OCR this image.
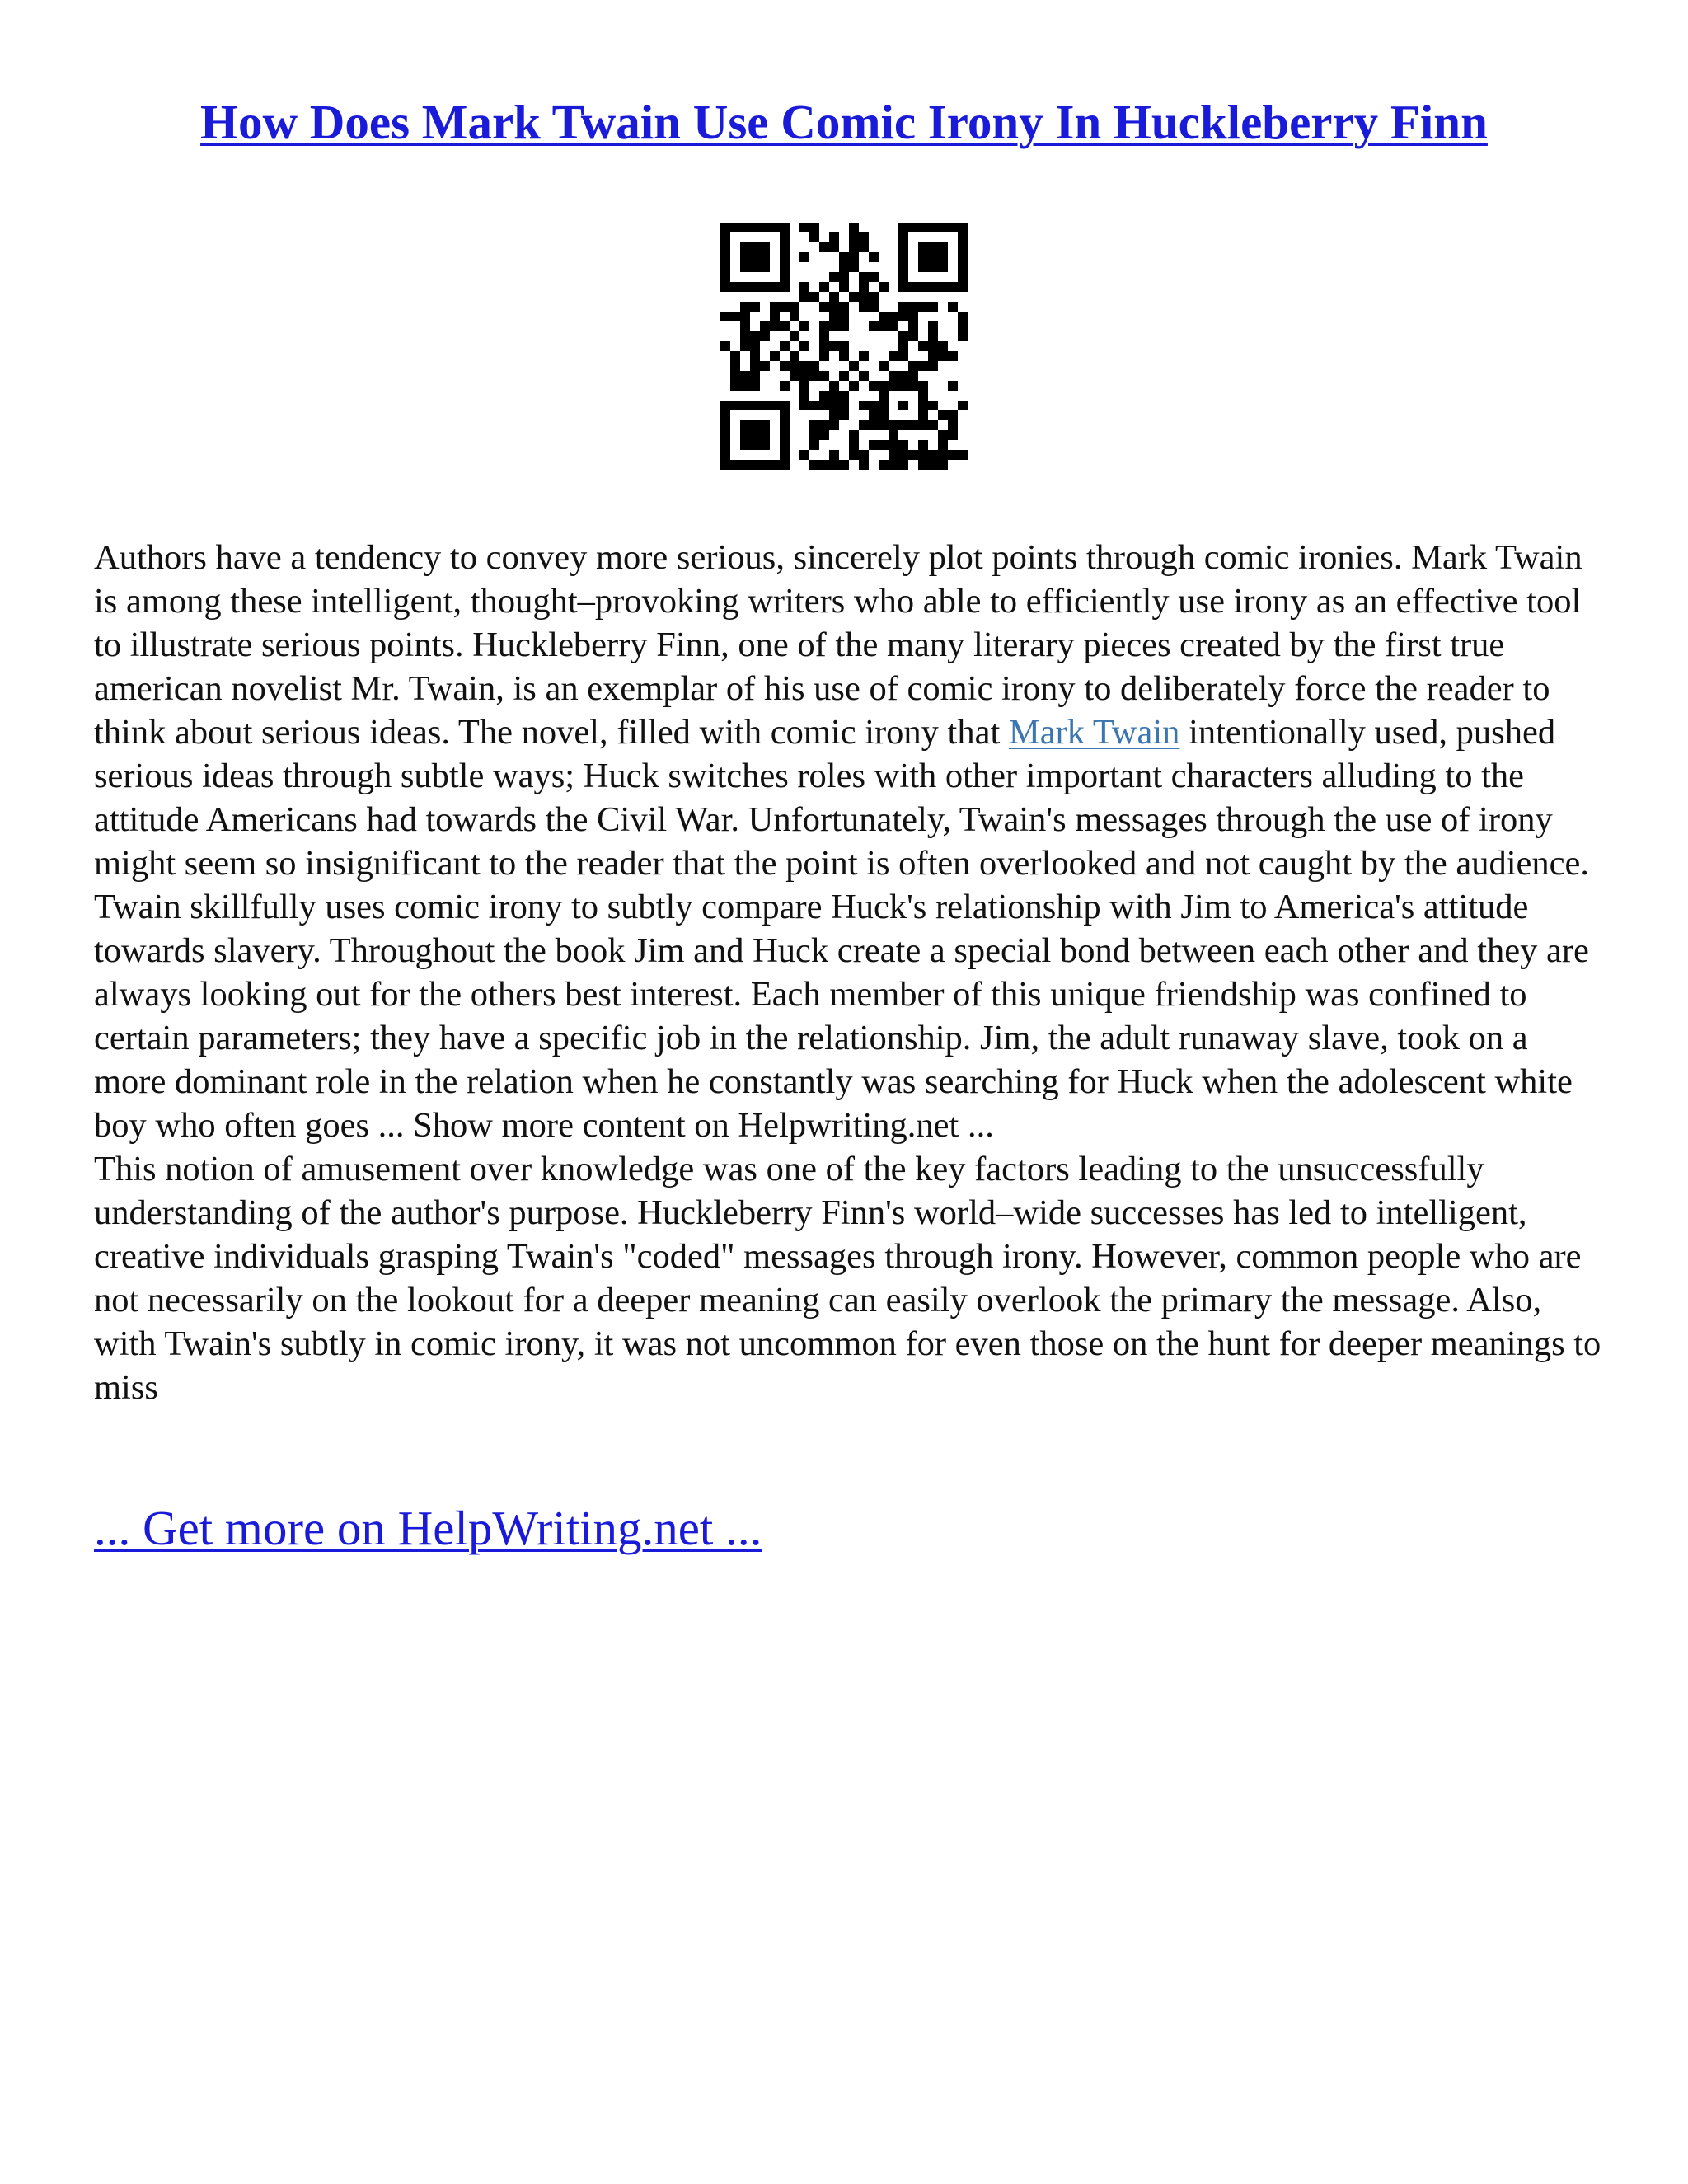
How Does Mark Twain Use Comic Irony In Huckleberry Finn

Authors have a tendency to convey more serious, sincerely plot points through comic ironies. Mark Twain is among these intelligent, thought–provoking writers who able to efficiently use irony as an effective tool to illustrate serious points. Huckleberry Finn, one of the many literary pieces created by the first true american novelist Mr. Twain, is an exemplar of his use of comic irony to deliberately force the reader to think about serious ideas. The novel, filled with comic irony that Mark Twain intentionally used, pushed serious ideas through subtle ways; Huck switches roles with other important characters alluding to the attitude Americans had towards the Civil War. Unfortunately, Twain's messages through the use of irony might seem so insignificant to the reader that the point is often overlooked and not caught by the audience. Twain skillfully uses comic irony to subtly compare Huck's relationship with Jim to America's attitude towards slavery. Throughout the book Jim and Huck create a special bond between each other and they are always looking out for the others best interest. Each member of this unique friendship was confined to certain parameters; they have a specific job in the relationship. Jim, the adult runaway slave, took on a more dominant role in the relation when he constantly was searching for Huck when the adolescent white boy who often goes ... Show more content on Helpwriting.net ...

This notion of amusement over knowledge was one of the key factors leading to the unsuccessfully understanding of the author's purpose. Huckleberry Finn's world–wide successes has led to intelligent, creative individuals grasping Twain's "coded" messages through irony. However, common people who are not necessarily on the lookout for a deeper meaning can easily overlook the primary the message. Also, with Twain's subtly in comic irony, it was not uncommon for even those on the hunt for deeper meanings to miss

... Get more on HelpWriting.net ...
